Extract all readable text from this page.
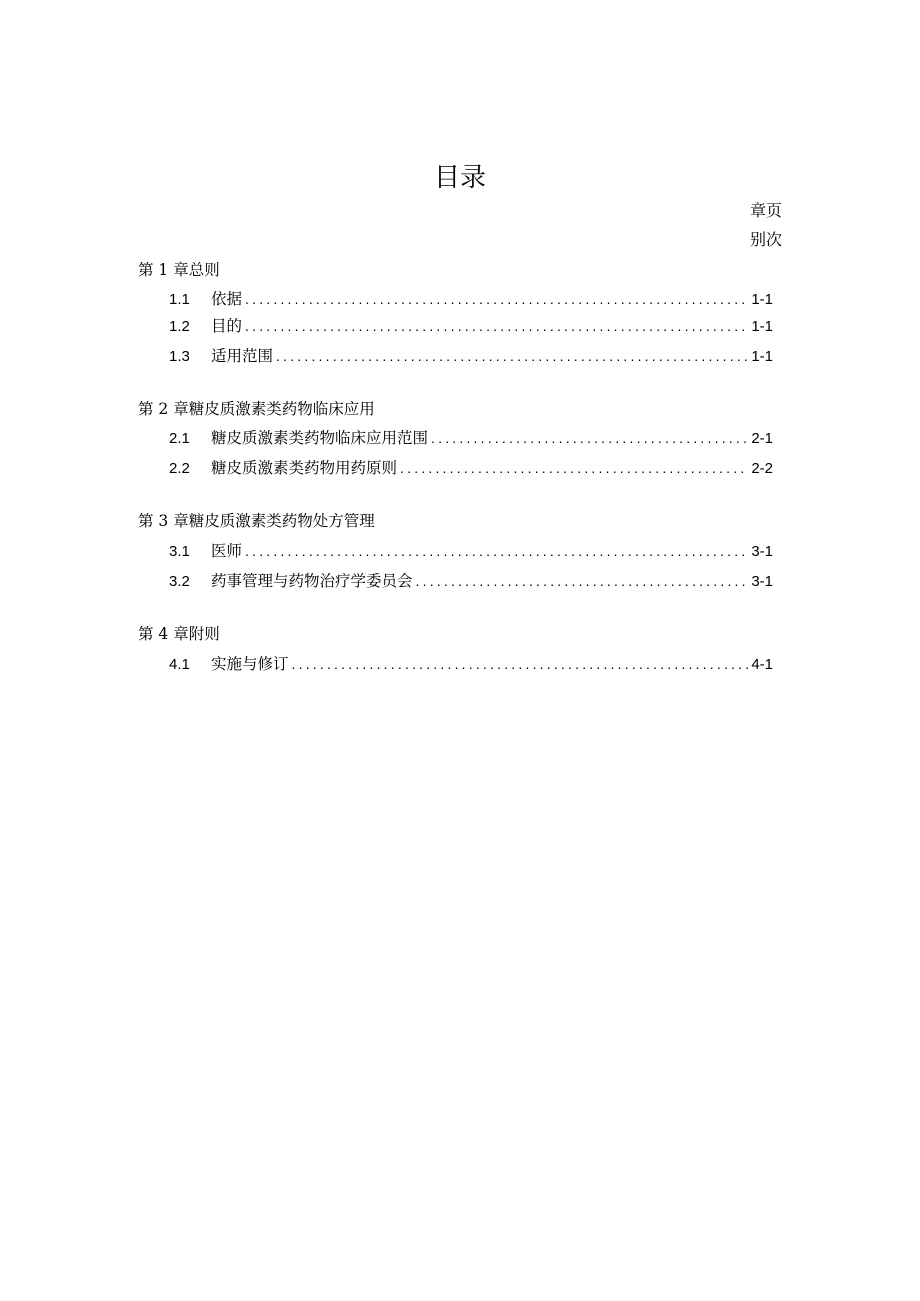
目录
章页
别次
第 1 章总则
1.1	依据 .....	1-1
1.2	目的 .....	1-1
1.3	适用范围 .....	1-1
第 2 章糖皮质激素类药物临床应用
2.1	糖皮质激素类药物临床应用范围 .....	2-1
2.2	糖皮质激素类药物用药原则 .....	2-2
第 3 章糖皮质激素类药物处方管理
3.1	医师 .....	3-1
3.2	药事管理与药物治疗学委员会 .....	3-1
第 4 章附则
4.1	实施与修订 .....	4-1
